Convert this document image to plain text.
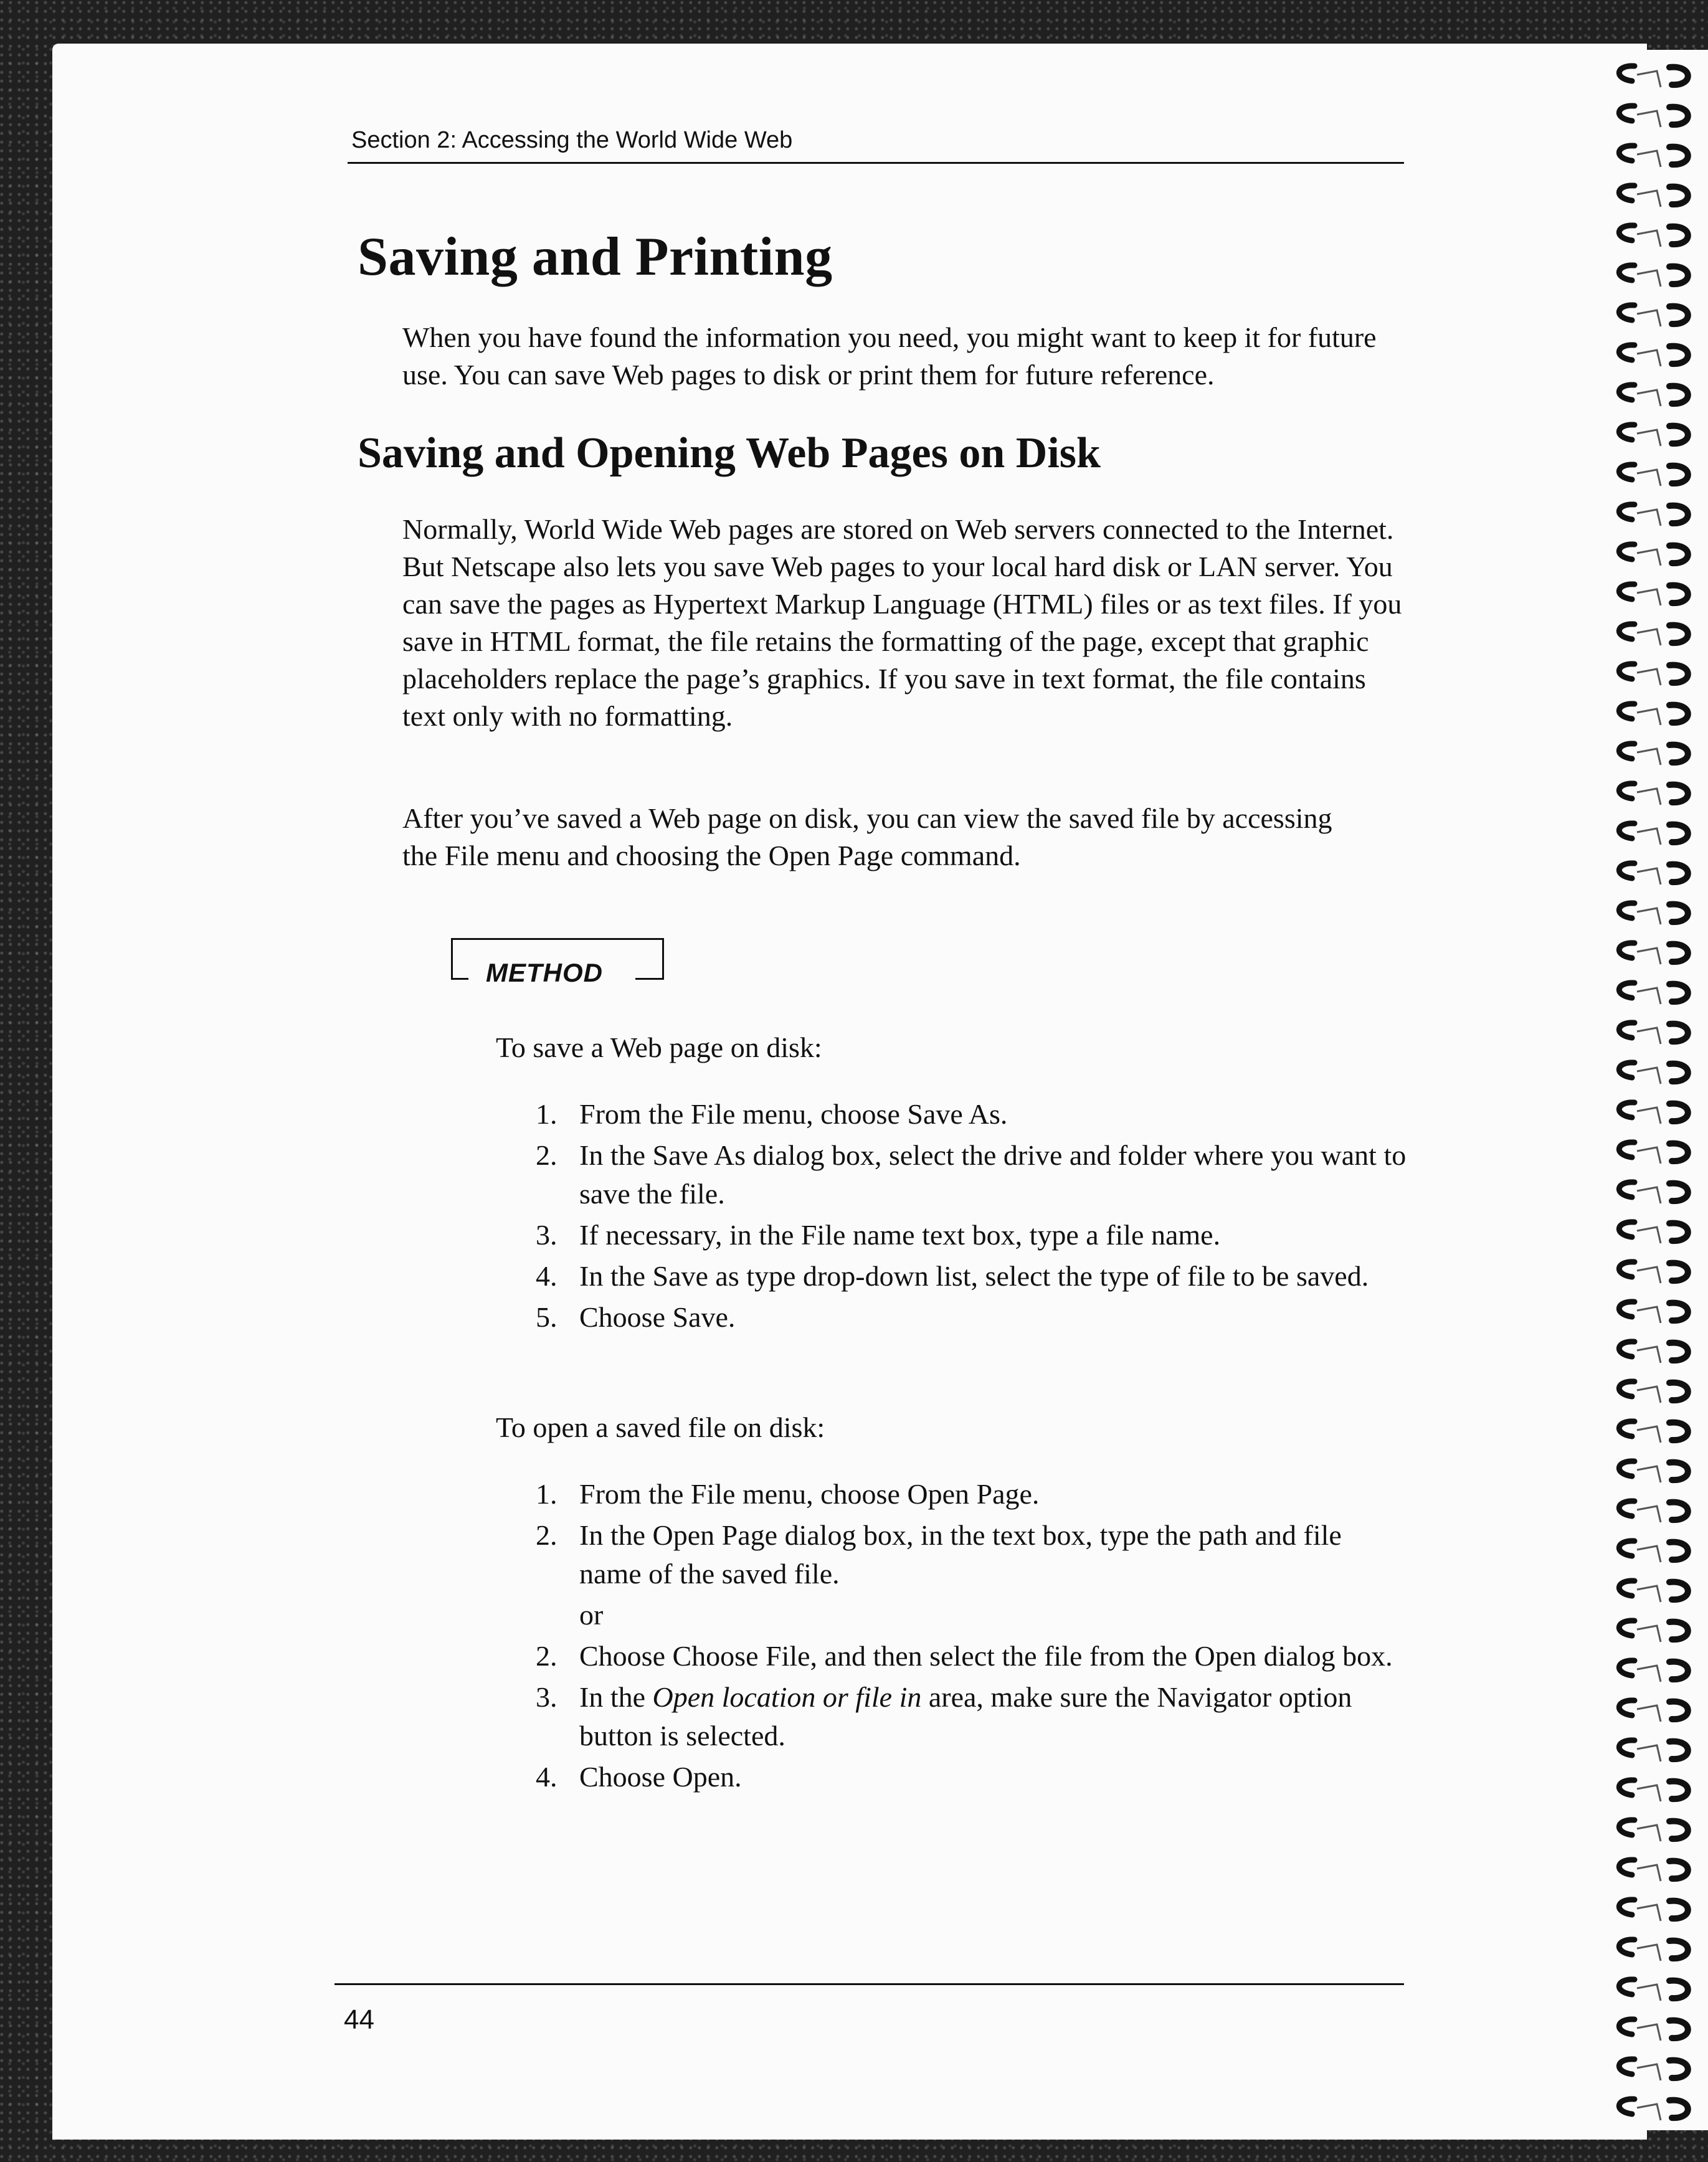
Section 2: Accessing the World Wide Web
Saving and Printing

When you have found the information you need, you might want to keep it for future use. You can save Web pages to disk or print them for future reference.

Saving and Opening Web Pages on Disk

Normally, World Wide Web pages are stored on Web servers connected to the Internet. But Netscape also lets you save Web pages to your local hard disk or LAN server. You can save the pages as Hypertext Markup Language (HTML) files or as text files. If you save in HTML format, the file retains the formatting of the page, except that graphic placeholders replace the page’s graphics. If you save in text format, the file contains text only with no formatting.

After you’ve saved a Web page on disk, you can view the saved file by accessing the File menu and choosing the Open Page command.

METHOD

To save a Web page on disk:

1. From the File menu, choose Save As.
2. In the Save As dialog box, select the drive and folder where you want to save the file.
3. If necessary, in the File name text box, type a file name.
4. In the Save as type drop-down list, select the type of file to be saved.
5. Choose Save.

To open a saved file on disk:

1. From the File menu, choose Open Page.
2. In the Open Page dialog box, in the text box, type the path and file name of the saved file.
or
2. Choose Choose File, and then select the file from the Open dialog box.
3. In the Open location or file in area, make sure the Navigator option button is selected.
4. Choose Open.
44
